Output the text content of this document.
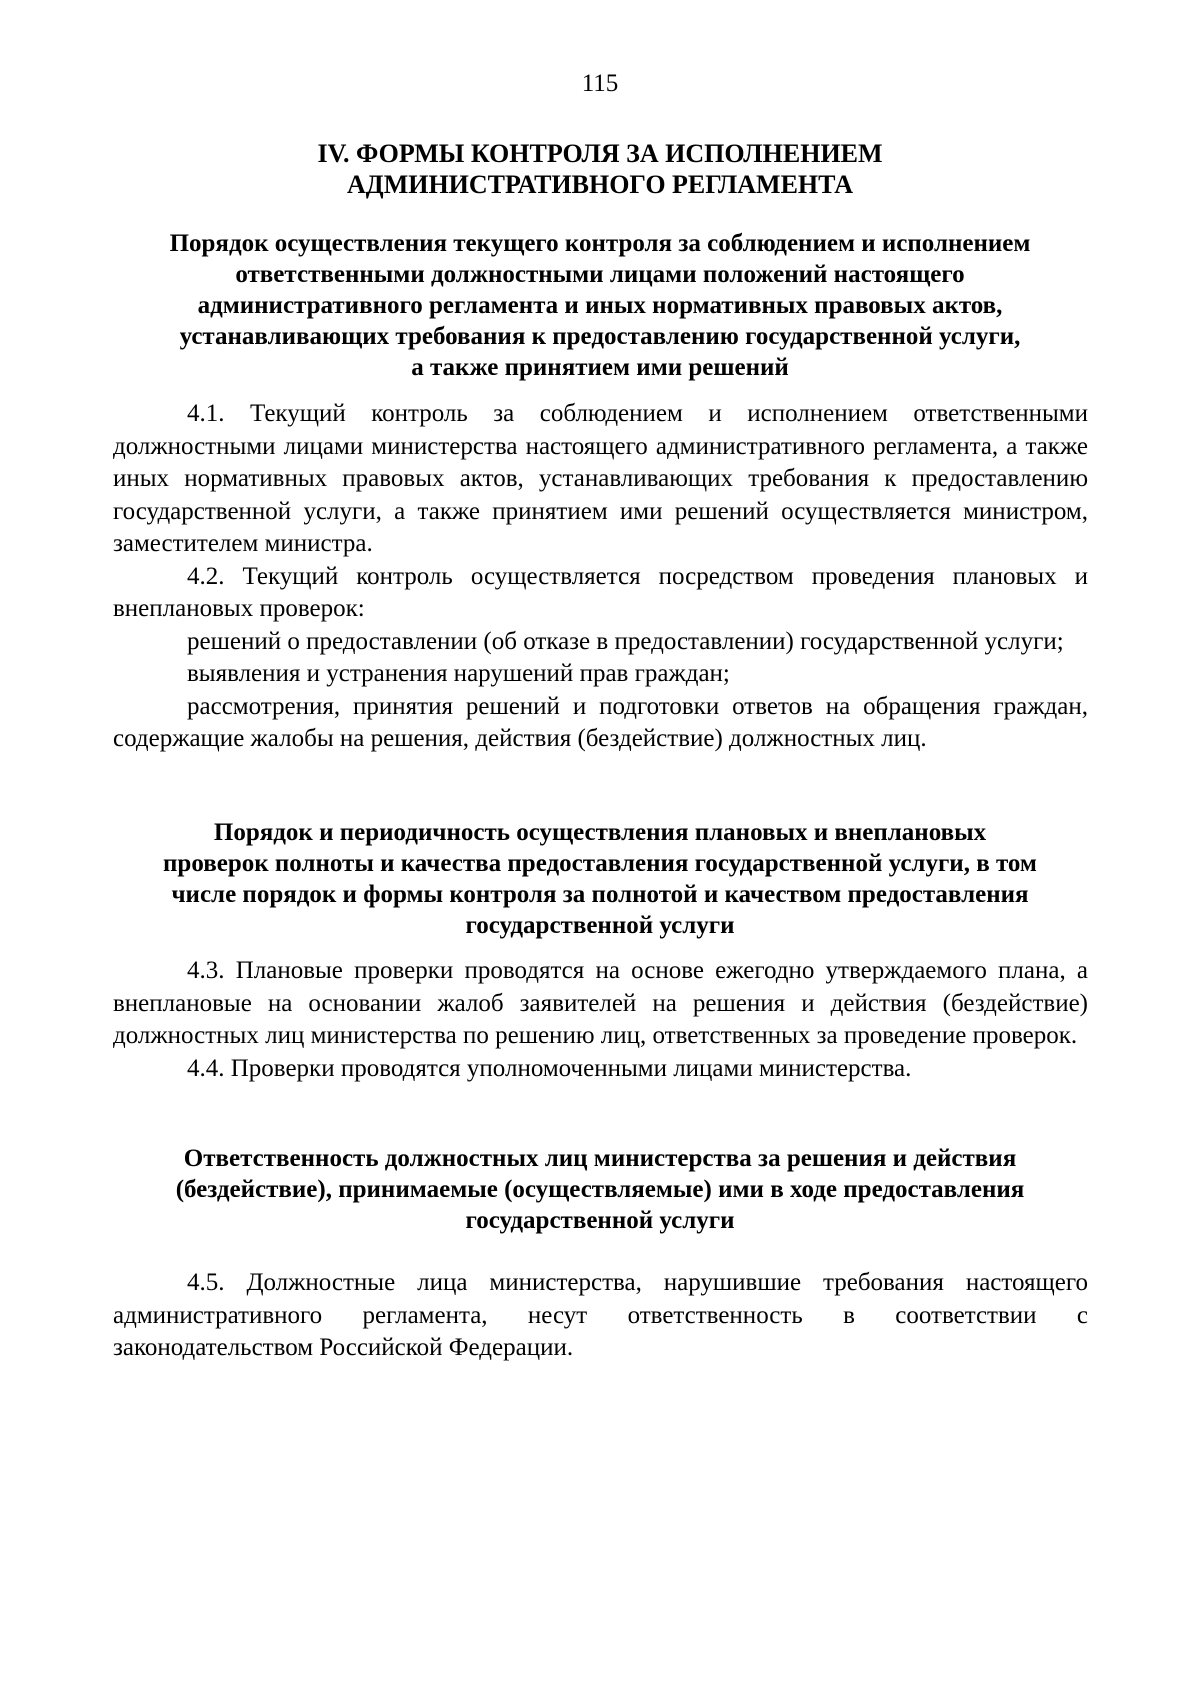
115
IV. ФОРМЫ КОНТРОЛЯ ЗА ИСПОЛНЕНИЕМ
АДМИНИСТРАТИВНОГО РЕГЛАМЕНТА
Порядок осуществления текущего контроля за соблюдением и исполнением
ответственными должностными лицами положений настоящего
административного регламента и иных нормативных правовых актов,
устанавливающих требования к предоставлению государственной услуги,
а также принятием ими решений

4.1. Текущий контроль за соблюдением и исполнением ответственными должностными лицами министерства настоящего административного регламента, а также иных нормативных правовых актов, устанавливающих требования к предоставлению государственной услуги, а также принятием ими решений осуществляется министром, заместителем министра.

4.2. Текущий контроль осуществляется посредством проведения плановых и внеплановых проверок:

решений о предоставлении (об отказе в предоставлении) государственной услуги;

выявления и устранения нарушений прав граждан;

рассмотрения, принятия решений и подготовки ответов на обращения граждан, содержащие жалобы на решения, действия (бездействие) должностных лиц.

Порядок и периодичность осуществления плановых и внеплановых
проверок полноты и качества предоставления государственной услуги, в том
числе порядок и формы контроля за полнотой и качеством предоставления
государственной услуги

4.3. Плановые проверки проводятся на основе ежегодно утверждаемого плана, а внеплановые на основании жалоб заявителей на решения и действия (бездействие) должностных лиц министерства по решению лиц, ответственных за проведение проверок.

4.4. Проверки проводятся уполномоченными лицами министерства.

Ответственность должностных лиц министерства за решения и действия
(бездействие), принимаемые (осуществляемые) ими в ходе предоставления
государственной услуги

4.5. Должностные лица министерства, нарушившие требования настоящего административного регламента, несут ответственность в соответствии с законодательством Российской Федерации.
